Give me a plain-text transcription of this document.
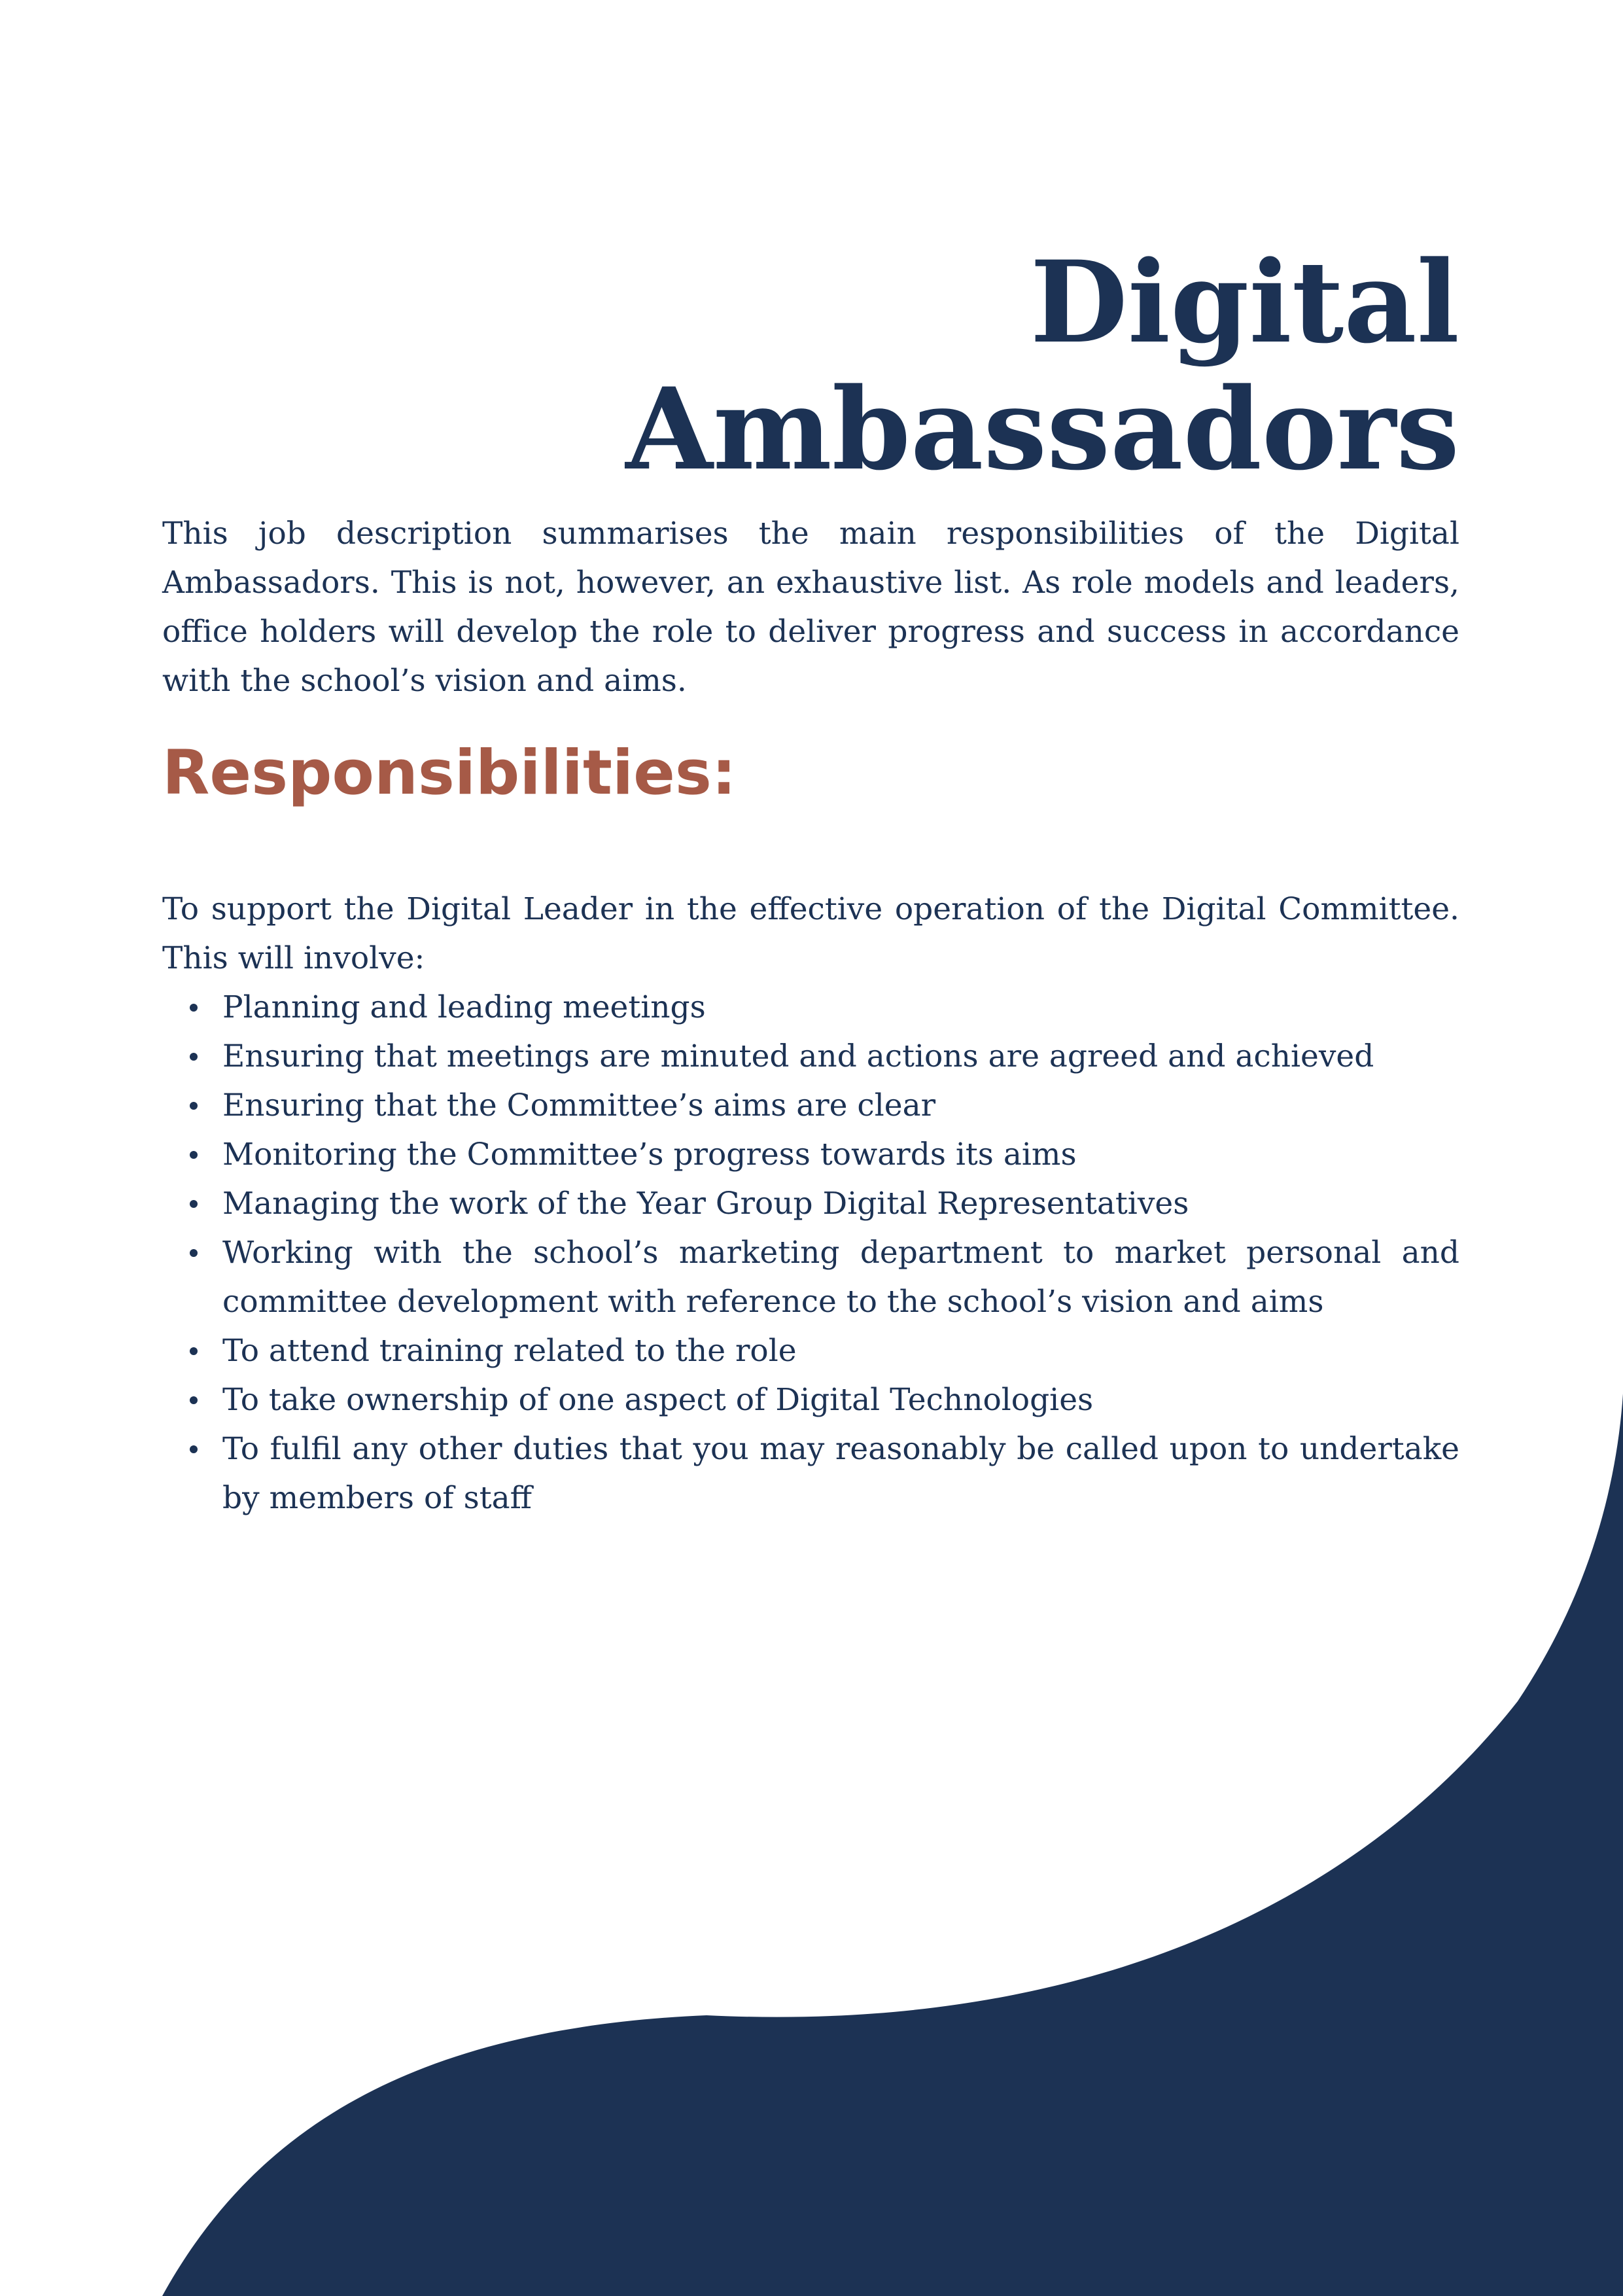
Digital
Ambassadors

This job description summarises the main responsibilities of the Digital Ambassadors. This is not, however, an exhaustive list. As role models and leaders, office holders will develop the role to deliver progress and success in accordance with the school’s vision and aims.

Responsibilities:

To support the Digital Leader in the effective operation of the Digital Committee. This will involve:

Planning and leading meetings
Ensuring that meetings are minuted and actions are agreed and achieved
Ensuring that the Committee’s aims are clear
Monitoring the Committee’s progress towards its aims
Managing the work of the Year Group Digital Representatives
Working with the school’s marketing department to market personal and committee development with reference to the school’s vision and aims
To attend training related to the role
To take ownership of one aspect of Digital Technologies
To fulfil any other duties that you may reasonably be called upon to undertake by members of staff
